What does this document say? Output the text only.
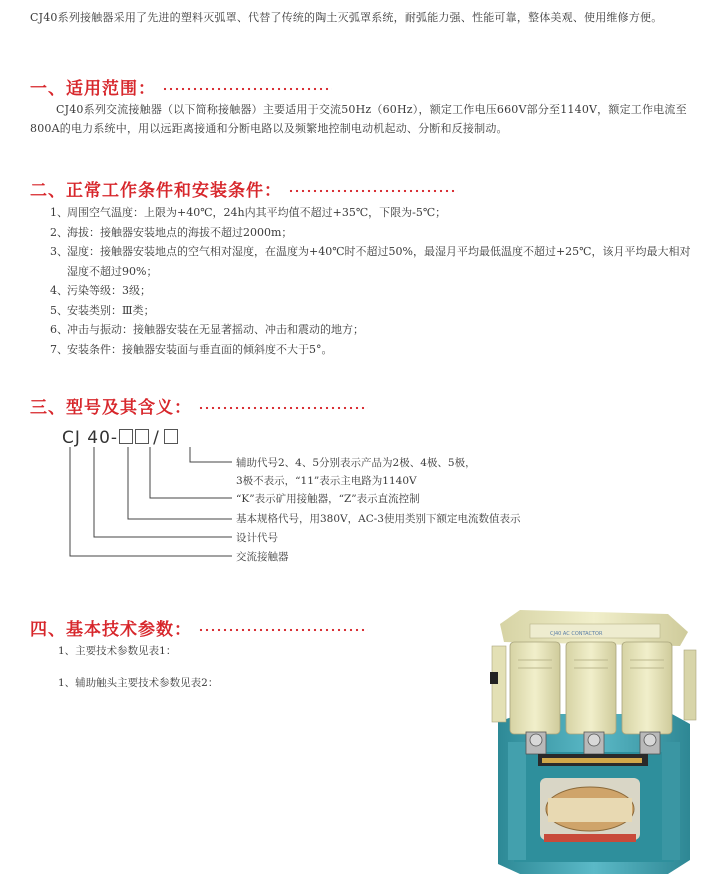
CJ40系列接触器采用了先进的塑料灭弧罩、代替了传统的陶土灭弧罩系统，耐弧能力强、性能可靠，整体美观、使用维修方便。
一、适用范围：
CJ40系列交流接触器（以下简称接触器）主要适用于交流50Hz（60Hz），额定工作电压660V部分至1140V，额定工作电流至800A的电力系统中，用以远距离接通和分断电路以及频繁地控制电动机起动、分断和反接制动。
二、正常工作条件和安装条件：
1、 周围空气温度：上限为+40℃，24h内其平均值不超过+35℃，下限为-5℃；
2、 海拔：接触器安装地点的海拔不超过2000m；
3、 湿度：接触器安装地点的空气相对湿度，在温度为+40℃时不超过50%，最湿月平均最低温度不超过+25℃，该月平均最大相对湿度不超过90%；
4、 污染等级：3级；
5、 安装类别：Ⅲ类；
6、 冲击与振动：接触器安装在无显著摇动、冲击和震动的地方；
7、 安装条件：接触器安装面与垂直面的倾斜度不大于5°。
三、型号及其含义：
CJ 40- /
辅助代号2、4、5分别表示产品为2极、4极、5极，
3极不表示，“11”表示主电路为1140V
“K”表示矿用接触器，“Z”表示直流控制
基本规格代号，用380V，AC-3使用类别下额定电流数值表示
设计代号
交流接触器
四、基本技术参数：
1、主要技术参数见表1：
1、辅助触头主要技术参数见表2：
CJ40 AC CONTACTOR
